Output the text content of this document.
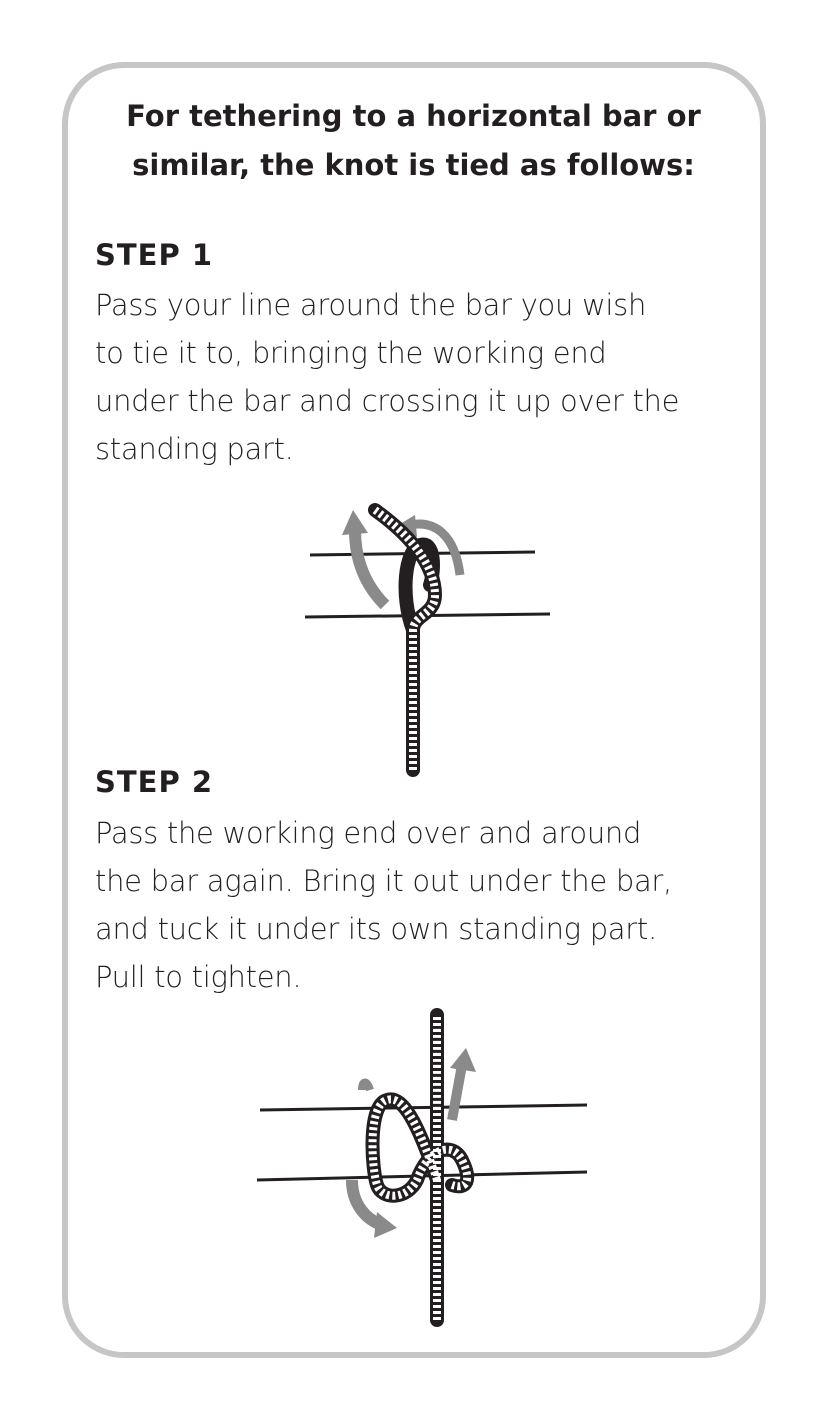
For tethering to a horizontal bar or
similar, the knot is tied as follows:
STEP 1
Pass your line around the bar you wish
to tie it to, bringing the working end
under the bar and crossing it up over the
standing part.
STEP 2
Pass the working end over and around
the bar again. Bring it out under the bar,
and tuck it under its own standing part.
Pull to tighten.
